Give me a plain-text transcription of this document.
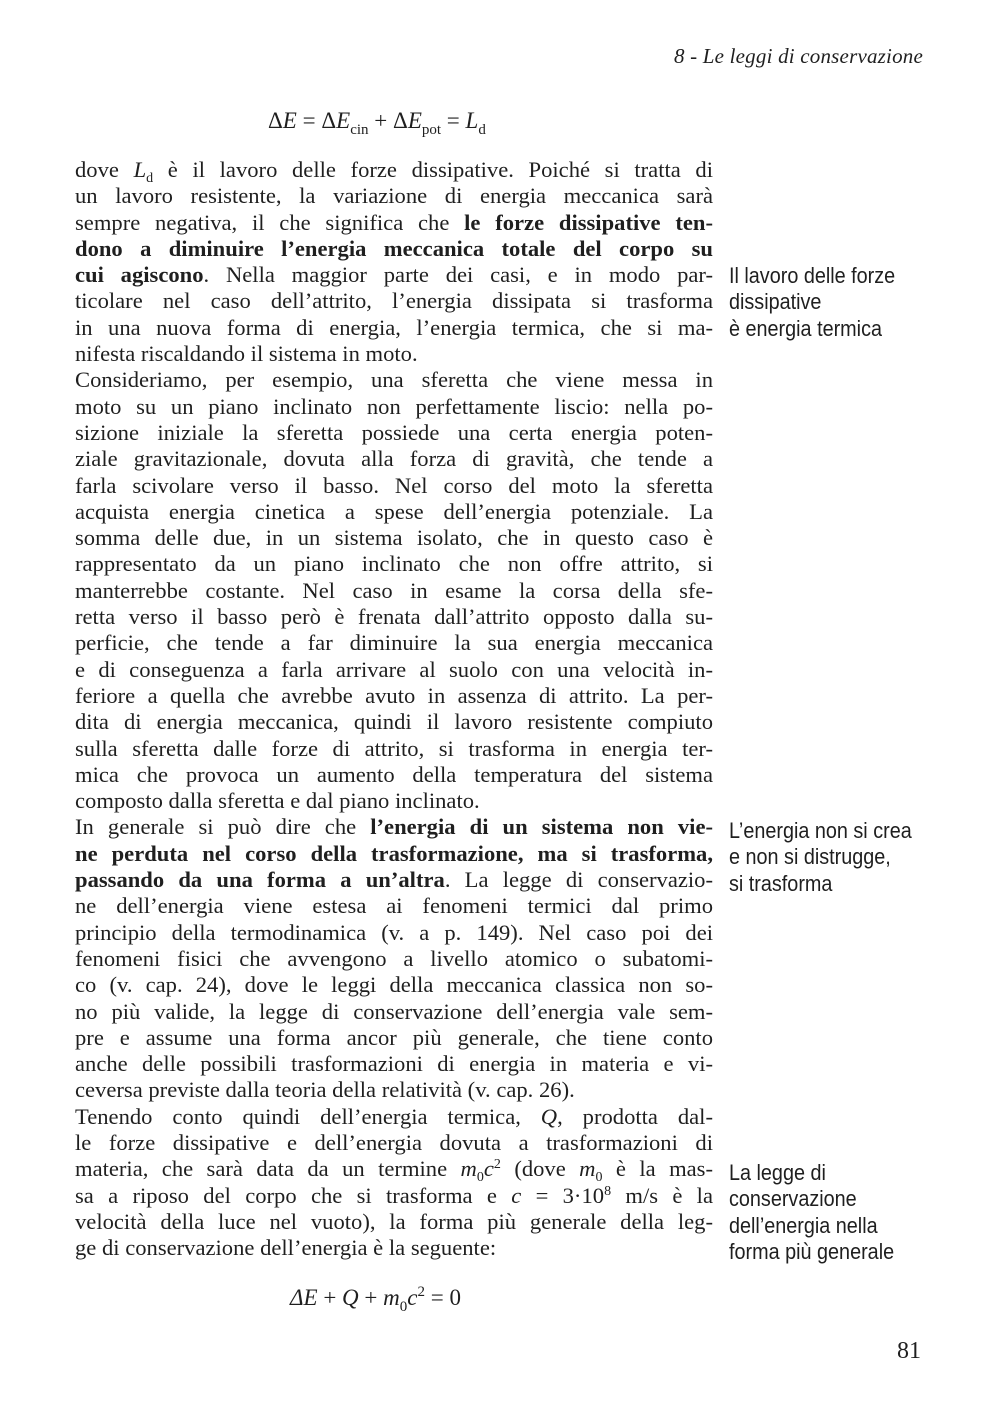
8 - Le leggi di conservazione
$\Delta E = \Delta E_{cin} + \Delta E_{pot} = L_d$
dove $L_d$ è il lavoro delle forze dissipative. Poiché si tratta di
un lavoro resistente, la variazione di energia meccanica sarà
sempre negativa, il che significa che le forze dissipative ten-
dono a diminuire l’energia meccanica totale del corpo su
cui agiscono. Nella maggior parte dei casi, e in modo par-
ticolare nel caso dell’attrito, l’energia dissipata si trasforma
in una nuova forma di energia, l’energia termica, che si ma-
nifesta riscaldando il sistema in moto.
Consideriamo, per esempio, una sferetta che viene messa in
moto su un piano inclinato non perfettamente liscio: nella po-
sizione iniziale la sferetta possiede una certa energia poten-
ziale gravitazionale, dovuta alla forza di gravità, che tende a
farla scivolare verso il basso. Nel corso del moto la sferetta
acquista energia cinetica a spese dell’energia potenziale. La
somma delle due, in un sistema isolato, che in questo caso è
rappresentato da un piano inclinato che non offre attrito, si
manterrebbe costante. Nel caso in esame la corsa della sfe-
retta verso il basso però è frenata dall’attrito opposto dalla su-
perficie, che tende a far diminuire la sua energia meccanica
e di conseguenza a farla arrivare al suolo con una velocità in-
feriore a quella che avrebbe avuto in assenza di attrito. La per-
dita di energia meccanica, quindi il lavoro resistente compiuto
sulla sferetta dalle forze di attrito, si trasforma in energia ter-
mica che provoca un aumento della temperatura del sistema
composto dalla sferetta e dal piano inclinato.
In generale si può dire che l’energia di un sistema non vie-
ne perduta nel corso della trasformazione, ma si trasforma,
passando da una forma a un’altra. La legge di conservazio-
ne dell’energia viene estesa ai fenomeni termici dal primo
principio della termodinamica (v. a p. 149). Nel caso poi dei
fenomeni fisici che avvengono a livello atomico o subatomi-
co (v. cap. 24), dove le leggi della meccanica classica non so-
no più valide, la legge di conservazione dell’energia vale sem-
pre e assume una forma ancor più generale, che tiene conto
anche delle possibili trasformazioni di energia in materia e vi-
ceversa previste dalla teoria della relatività (v. cap. 26).
Tenendo conto quindi dell’energia termica, Q, prodotta dal-
le forze dissipative e dell’energia dovuta a trasformazioni di
materia, che sarà data da un termine $m_0c^2$ (dove $m_0$ è la mas-
sa a riposo del corpo che si trasforma e $c = 3\cdot 10^8$ m/s è la
velocità della luce nel vuoto), la forma più generale della leg-
ge di conservazione dell’energia è la seguente:
$\Delta E + Q + m_0c^2 = 0$
Il lavoro delle forze
dissipative
è energia termica
L’energia non si crea
e non si distrugge,
si trasforma
La legge di
conservazione
dell’energia nella
forma più generale
81
